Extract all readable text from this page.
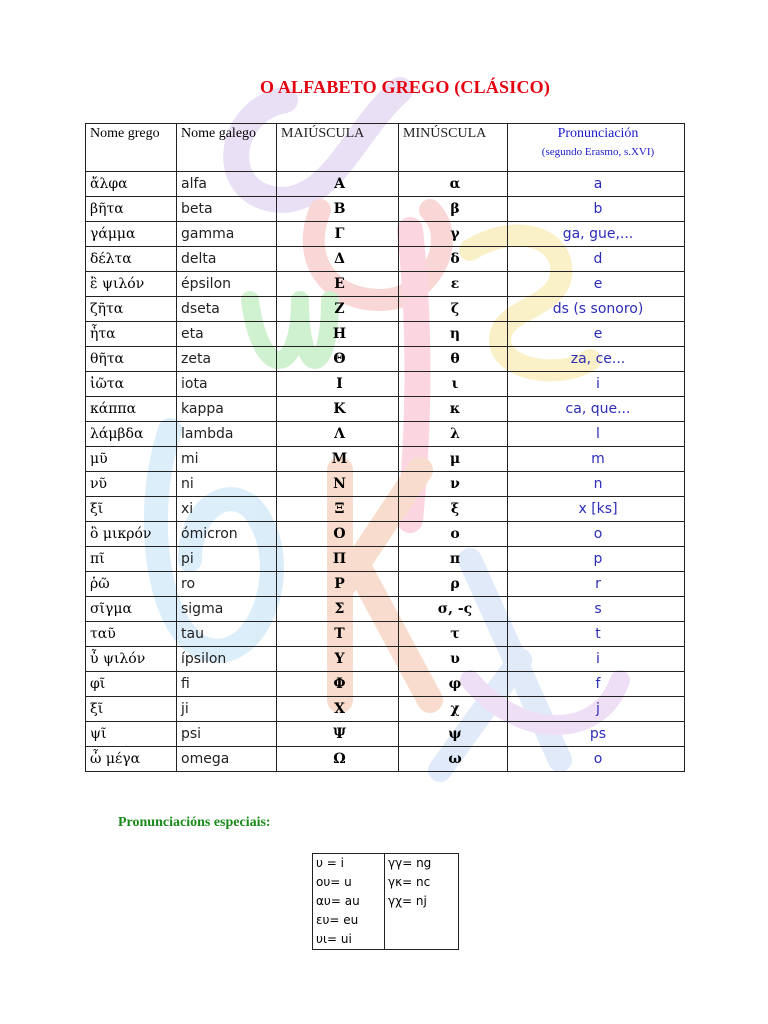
O ALFABETO GREGO (CLÁSICO)
Nome grego	Nome galego	MAIÚSCULA	MINÚSCULA	Pronunciación
(segundo Erasmo, s.XVI)

ἄλφα	alfa	Α	α	a
βῆτα	beta	Β	β	b
γάμμα	gamma	Γ	γ	ga, gue,...
δέλτα	delta	Δ	δ	d
ἒ ψιλόν	épsilon	Ε	ε	e
ζῆτα	dseta	Ζ	ζ	ds (s sonoro)
ἦτα	eta	Η	η	e
θῆτα	zeta	Θ	θ	za, ce...
ἰῶτα	iota	Ι	ι	i
κάππα	kappa	Κ	κ	ca, que...
λάμβδα	lambda	Λ	λ	l
μῦ	mi	Μ	μ	m
νῦ	ni	Ν	ν	n
ξῖ	xi	Ξ	ξ	x [ks]
ὂ μικρόν	ómicron	Ο	ο	o
πῖ	pi	Π	π	p
ῥῶ	ro	Ρ	ρ	r
σῖγμα	sigma	Σ	σ, -ς	s
ταῦ	tau	Τ	τ	t
ὖ ψιλόν	ípsilon	Υ	υ	i
φῖ	fi	Φ	φ	f
ξῖ	ji	Χ	χ	j
ψῖ	psi	Ψ	ψ	ps
ὦ μέγα	omega	Ω	ω	o
Pronunciacións especiais:
υ = i
ου= u
αυ= au
ευ= eu
υι= ui

γγ= ng
γκ= nc
γχ= nj
